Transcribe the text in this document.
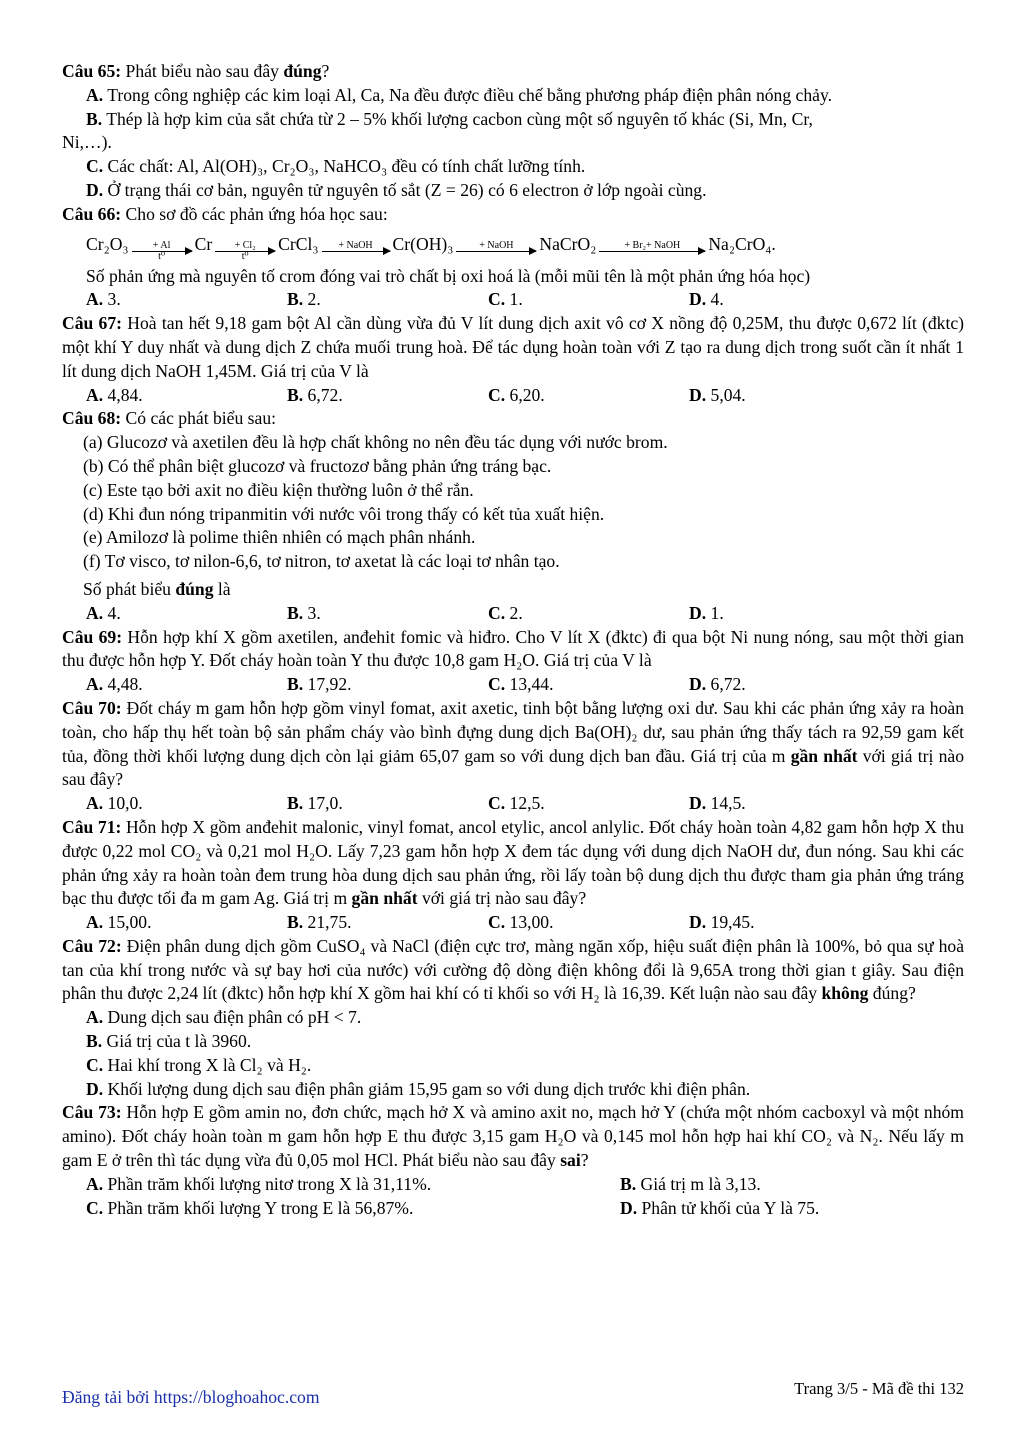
Câu 65: Phát biểu nào sau đây đúng?
A. Trong công nghiệp các kim loại Al, Ca, Na đều được điều chế bằng phương pháp điện phân nóng chảy.
B. Thép là hợp kim của sắt chứa từ 2 – 5% khối lượng cacbon cùng một số nguyên tố khác (Si, Mn, Cr,
Ni,…).
C. Các chất: Al, Al(OH)₃, Cr₂O₃, NaHCO₃ đều có tính chất lưỡng tính.
D. Ở trạng thái cơ bản, nguyên tử nguyên tố sắt (Z = 26) có 6 electron ở lớp ngoài cùng.
Câu 66: Cho sơ đồ các phản ứng hóa học sau:
Cr₂O₃ + Al
t⁰
Cr + Cl₂
t⁰
CrCl₃ + NaOH Cr(OH)₃	+ NaOH NaCrO₂	+ Br₂+ NaOH Na₂CrO₄.
Số phản ứng mà nguyên tố crom đóng vai trò chất bị oxi hoá là (mỗi mũi tên là một phản ứng hóa học)
A. 3.	B. 2.	C. 1.	D. 4.
Câu 67: Hoà tan hết 9,18 gam bột Al cần dùng vừa đủ V lít dung dịch axit vô cơ X nồng độ 0,25M, thu được 0,672 lít (đktc) một khí Y duy nhất và dung dịch Z chứa muối trung hoà. Để tác dụng hoàn toàn với Z tạo ra dung dịch trong suốt cần ít nhất 1 lít dung dịch NaOH 1,45M. Giá trị của V là
A. 4,84.	B. 6,72.	C. 6,20.	D. 5,04.
Câu 68: Có các phát biểu sau:
(a) Glucozơ và axetilen đều là hợp chất không no nên đều tác dụng với nước brom.
(b) Có thể phân biệt glucozơ và fructozơ bằng phản ứng tráng bạc.
(c) Este tạo bởi axit no điều kiện thường luôn ở thể rắn.
(d) Khi đun nóng tripanmitin với nước vôi trong thấy có kết tủa xuất hiện.
(e) Amilozơ là polime thiên nhiên có mạch phân nhánh.
(f) Tơ visco, tơ nilon-6,6, tơ nitron, tơ axetat là các loại tơ nhân tạo.
Số phát biểu đúng là
A. 4.	B. 3.	C. 2.	D. 1.
Câu 69: Hỗn hợp khí X gồm axetilen, anđehit fomic và hiđro. Cho V lít X (đktc) đi qua bột Ni nung nóng, sau một thời gian thu được hỗn hợp Y. Đốt cháy hoàn toàn Y thu được 10,8 gam H₂O. Giá trị của V là
A. 4,48.	B. 17,92.	C. 13,44.	D. 6,72.
Câu 70: Đốt cháy m gam hỗn hợp gồm vinyl fomat, axit axetic, tinh bột bằng lượng oxi dư. Sau khi các phản ứng xảy ra hoàn toàn, cho hấp thụ hết toàn bộ sản phẩm cháy vào bình đựng dung dịch Ba(OH)₂ dư, sau phản ứng thấy tách ra 92,59 gam kết tủa, đồng thời khối lượng dung dịch còn lại giảm 65,07 gam so với dung dịch ban đầu. Giá trị của m gần nhất với giá trị nào sau đây?
A. 10,0.	B. 17,0.	C. 12,5.	D. 14,5.
Câu 71: Hỗn hợp X gồm anđehit malonic, vinyl fomat, ancol etylic, ancol anlylic. Đốt cháy hoàn toàn 4,82 gam hỗn hợp X thu được 0,22 mol CO₂ và 0,21 mol H₂O. Lấy 7,23 gam hỗn hợp X đem tác dụng với dung dịch NaOH dư, đun nóng. Sau khi các phản ứng xảy ra hoàn toàn đem trung hòa dung dịch sau phản ứng, rồi lấy toàn bộ dung dịch thu được tham gia phản ứng tráng bạc thu được tối đa m gam Ag. Giá trị m gần nhất với giá trị nào sau đây?
A. 15,00.	B. 21,75.	C. 13,00.	D. 19,45.
Câu 72: Điện phân dung dịch gồm CuSO₄ và NaCl (điện cực trơ, màng ngăn xốp, hiệu suất điện phân là 100%, bỏ qua sự hoà tan của khí trong nước và sự bay hơi của nước) với cường độ dòng điện không đổi là 9,65A trong thời gian t giây. Sau điện phân thu được 2,24 lít (đktc) hỗn hợp khí X gồm hai khí có tỉ khối so với H₂ là 16,39. Kết luận nào sau đây không đúng?
A. Dung dịch sau điện phân có pH < 7.
B. Giá trị của t là 3960.
C. Hai khí trong X là Cl₂ và H₂.
D. Khối lượng dung dịch sau điện phân giảm 15,95 gam so với dung dịch trước khi điện phân.
Câu 73: Hỗn hợp E gồm amin no, đơn chức, mạch hở X và amino axit no, mạch hở Y (chứa một nhóm cacboxyl và một nhóm amino). Đốt cháy hoàn toàn m gam hỗn hợp E thu được 3,15 gam H₂O và 0,145 mol hỗn hợp hai khí CO₂ và N₂. Nếu lấy m gam E ở trên thì tác dụng vừa đủ 0,05 mol HCl. Phát biểu nào sau đây sai?
A. Phần trăm khối lượng nitơ trong X là 31,11%.	B. Giá trị m là 3,13.
C. Phần trăm khối lượng Y trong E là 56,87%.	D. Phân tử khối của Y là 75.
Đăng tải bởi https://bloghoahoc.com	Trang 3/5 - Mã đề thi 132
